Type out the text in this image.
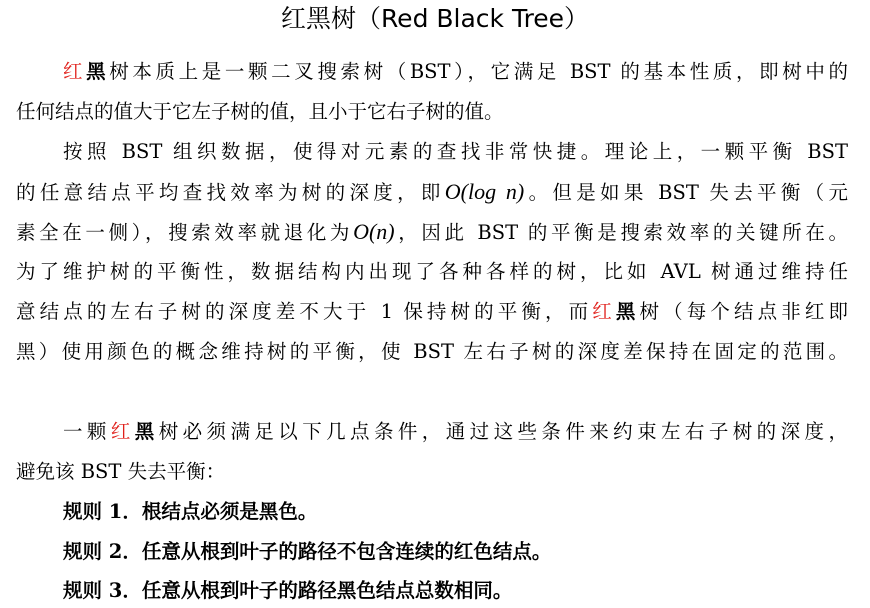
红黑树（Red Black Tree）
红黑树本质上是一颗二叉搜索树（BST），它满足 BST 的基本性质，即树中的
任何结点的值大于它左子树的值，且小于它右子树的值。
按照 BST 组织数据，使得对元素的查找非常快捷。理论上，一颗平衡 BST
的任意结点平均查找效率为树的深度，即O(log n)。但是如果 BST 失去平衡（元
素全在一侧），搜索效率就退化为O(n)，因此 BST 的平衡是搜索效率的关键所在。
为了维护树的平衡性，数据结构内出现了各种各样的树，比如 AVL 树通过维持任
意结点的左右子树的深度差不大于 1 保持树的平衡，而红黑树（每个结点非红即
黑）使用颜色的概念维持树的平衡，使 BST 左右子树的深度差保持在固定的范围。
一颗红黑树必须满足以下几点条件，通过这些条件来约束左右子树的深度，
避免该 BST 失去平衡：
规则 1．根结点必须是黑色。
规则 2．任意从根到叶子的路径不包含连续的红色结点。
规则 3．任意从根到叶子的路径黑色结点总数相同。
